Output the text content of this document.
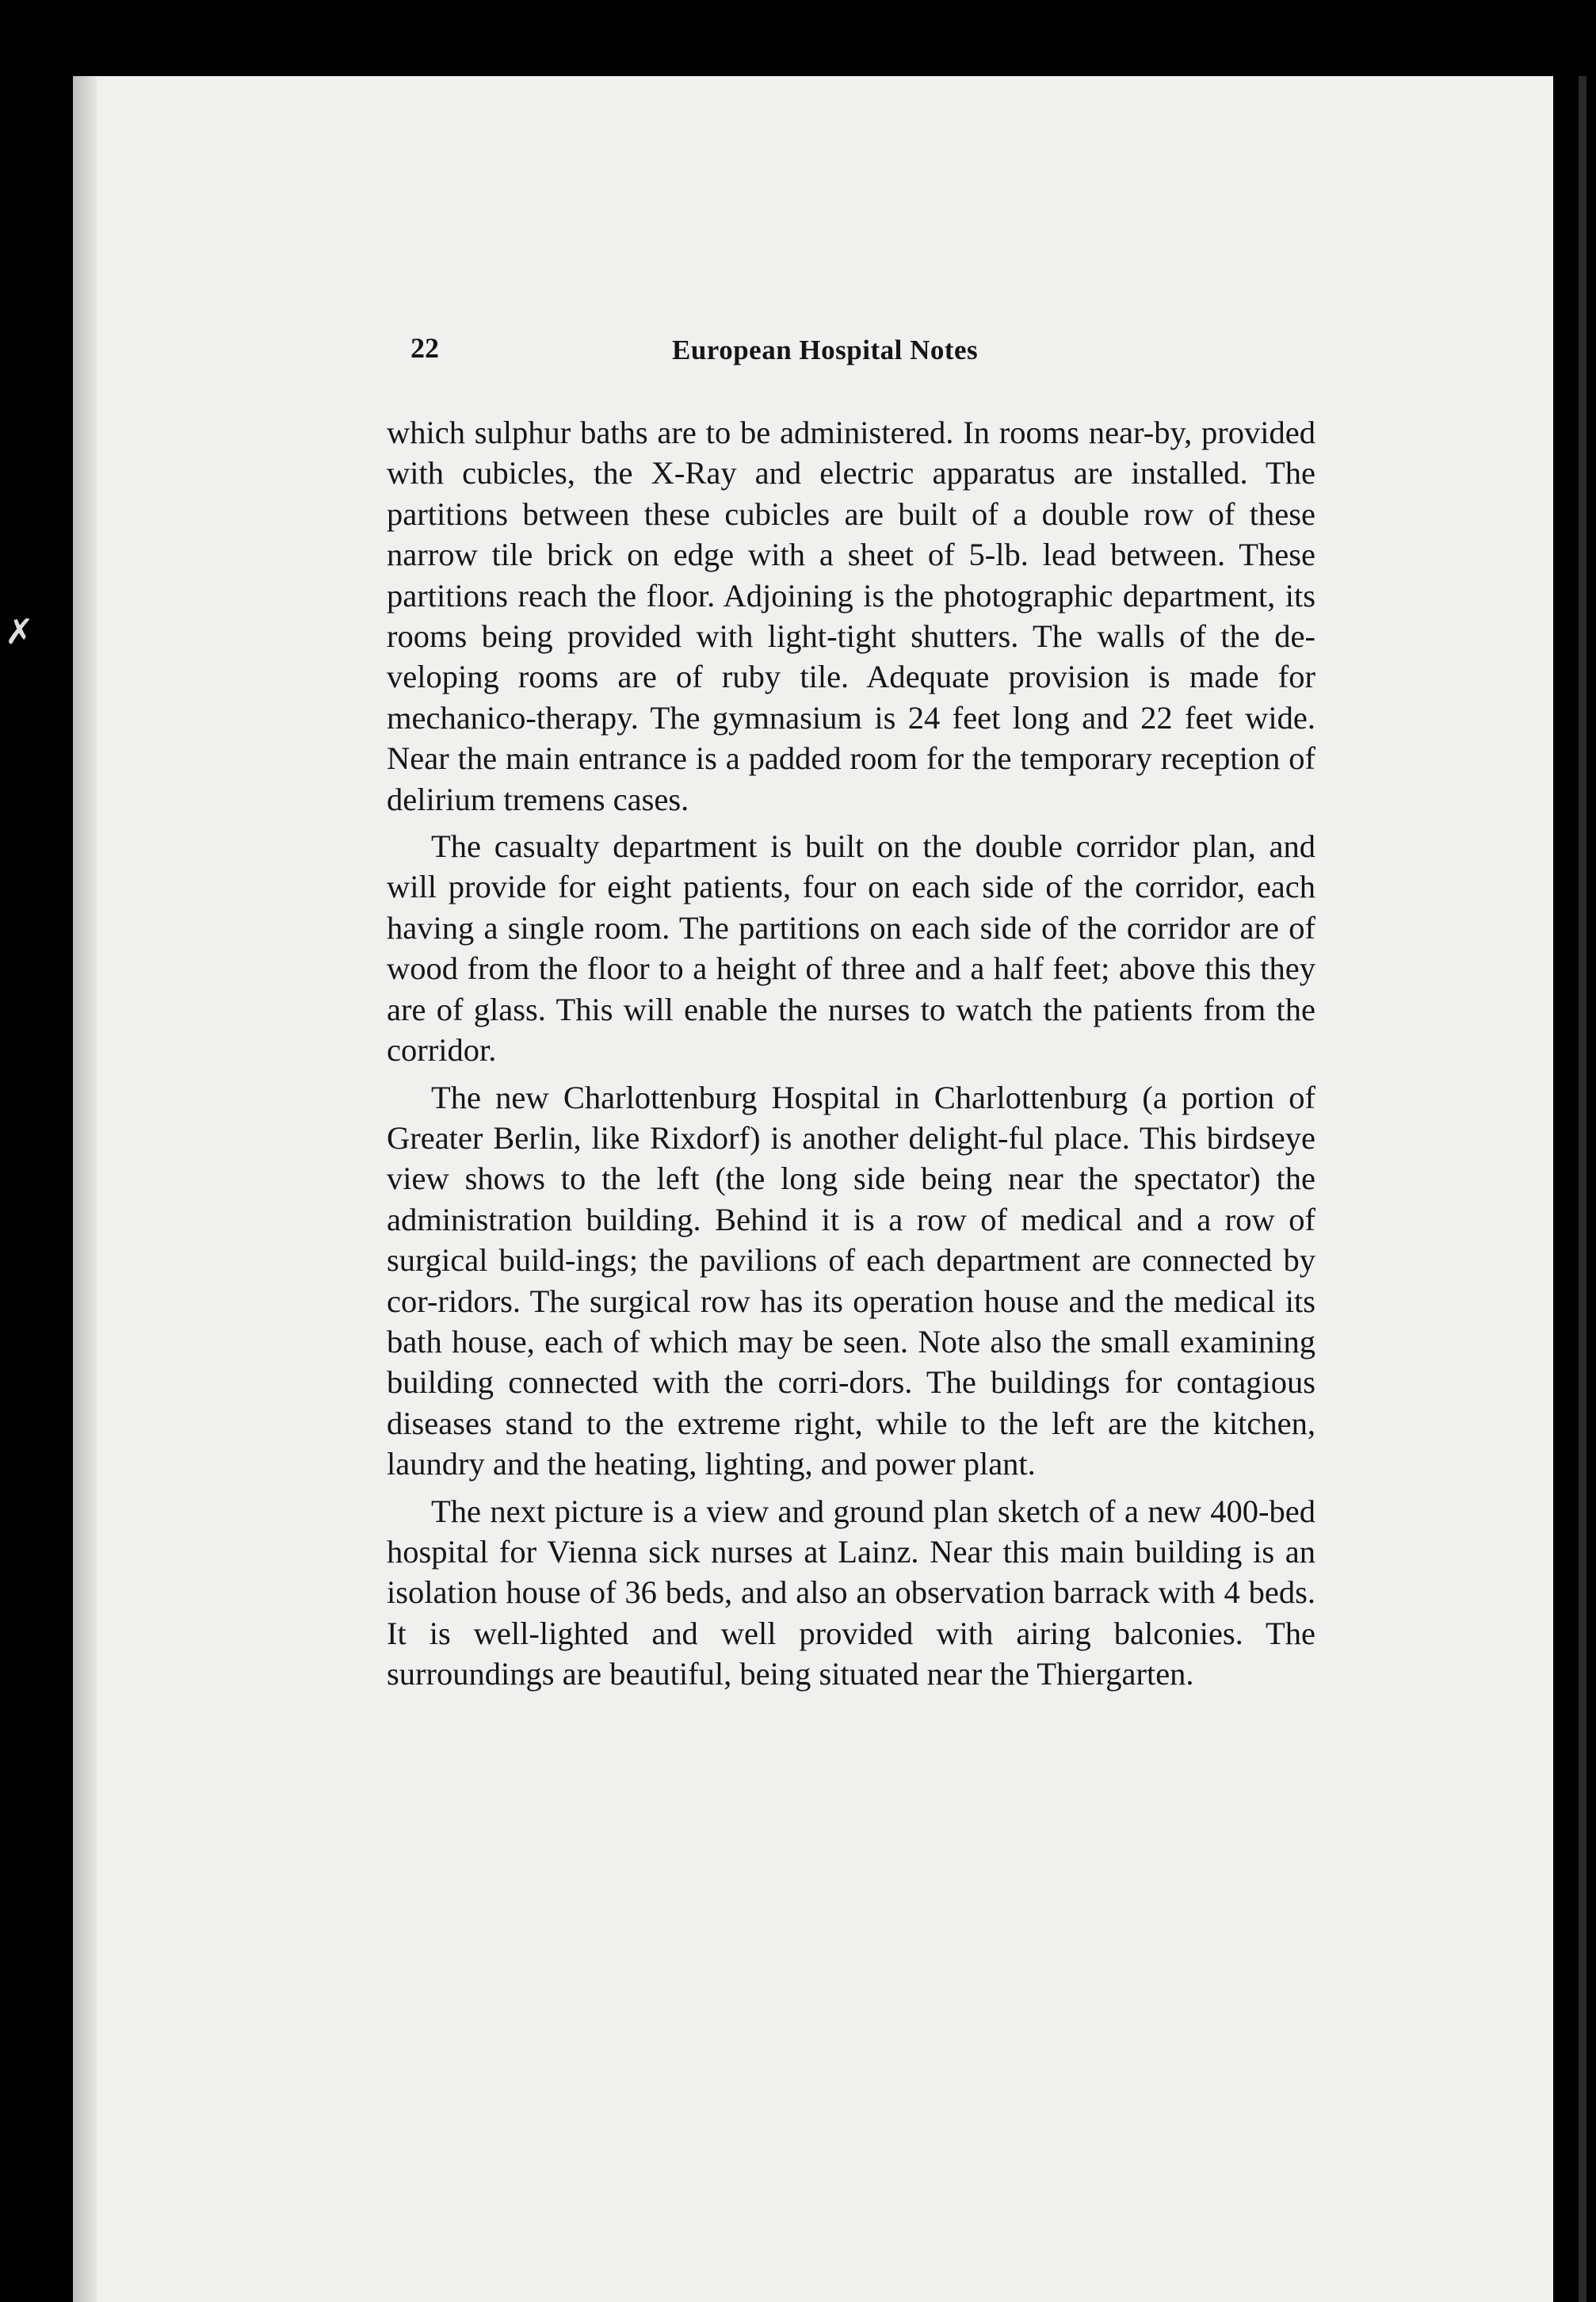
✗
22	European Hospital Notes

which sulphur baths are to be administered. In rooms near-by, provided with cubicles, the X-Ray and electric apparatus are installed. The partitions between these cubicles are built of a double row of these narrow tile brick on edge with a sheet of 5-lb. lead between. These partitions reach the floor. Adjoining is the photographic department, its rooms being provided with light-tight shutters. The walls of the de-veloping rooms are of ruby tile. Adequate provision is made for mechanico-therapy. The gymnasium is 24 feet long and 22 feet wide. Near the main entrance is a padded room for the temporary reception of delirium tremens cases.

The casualty department is built on the double corridor plan, and will provide for eight patients, four on each side of the corridor, each having a single room. The partitions on each side of the corridor are of wood from the floor to a height of three and a half feet; above this they are of glass. This will enable the nurses to watch the patients from the corridor.

The new Charlottenburg Hospital in Charlottenburg (a portion of Greater Berlin, like Rixdorf) is another delight-ful place. This birdseye view shows to the left (the long side being near the spectator) the administration building. Behind it is a row of medical and a row of surgical build-ings; the pavilions of each department are connected by cor-ridors. The surgical row has its operation house and the medical its bath house, each of which may be seen. Note also the small examining building connected with the corri-dors. The buildings for contagious diseases stand to the extreme right, while to the left are the kitchen, laundry and the heating, lighting, and power plant.

The next picture is a view and ground plan sketch of a new 400-bed hospital for Vienna sick nurses at Lainz. Near this main building is an isolation house of 36 beds, and also an observation barrack with 4 beds. It is well-lighted and well provided with airing balconies. The surroundings are beautiful, being situated near the Thiergarten.
